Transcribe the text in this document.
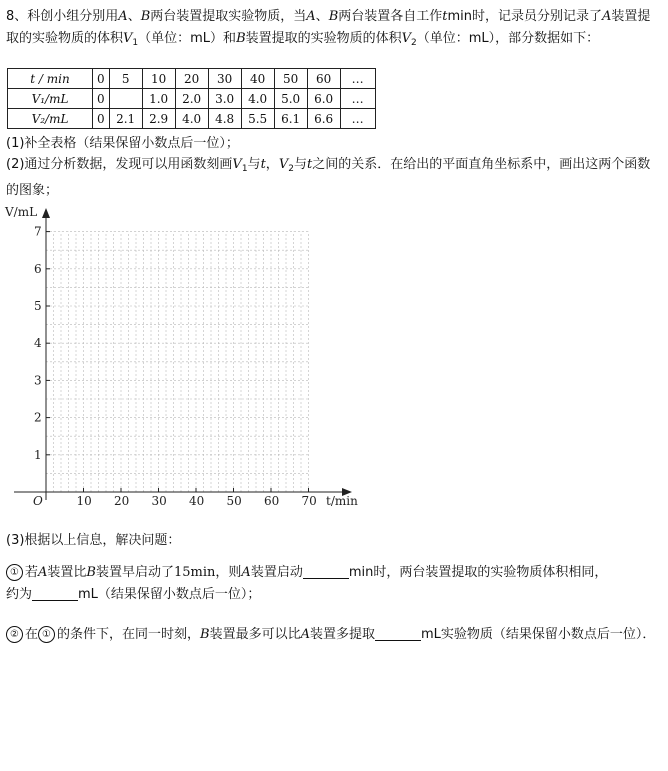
8、科创小组分别用A、B两台装置提取实验物质，当A、B两台装置各自工作tmin时，记录员分别记录了A装置提取的实验物质的体积$V_1$（单位：mL）和B装置提取的实验物质的体积$V_2$（单位：mL），部分数据如下：
t / min	0	5	10	20	30	40	50	60	…
V₁/mL	0		1.0	2.0	3.0	4.0	5.0	6.0	…
V₂/mL	0	2.1	2.9	4.0	4.8	5.5	6.1	6.6	…
(1)补全表格（结果保留小数点后一位）；
(2)通过分析数据，发现可以用函数刻画$V_1$与t，$V_2$与t之间的关系．在给出的平面直角坐标系中，画出这两个函数的图象；
V/mL
t/min
O	10 20 30 40 50 60 70
1
2
3
4
5
6
7
(3)根据以上信息，解决问题：
① 若A装置比B装置早启动了15min，则A装置启动	min时，两台装置提取的实验物质体积相同，
约为	mL（结果保留小数点后一位）；
② 在 ① 的条件下，在同一时刻，B装置最多可以比A装置多提取	mL实验物质（结果保留小数点后一位）．
